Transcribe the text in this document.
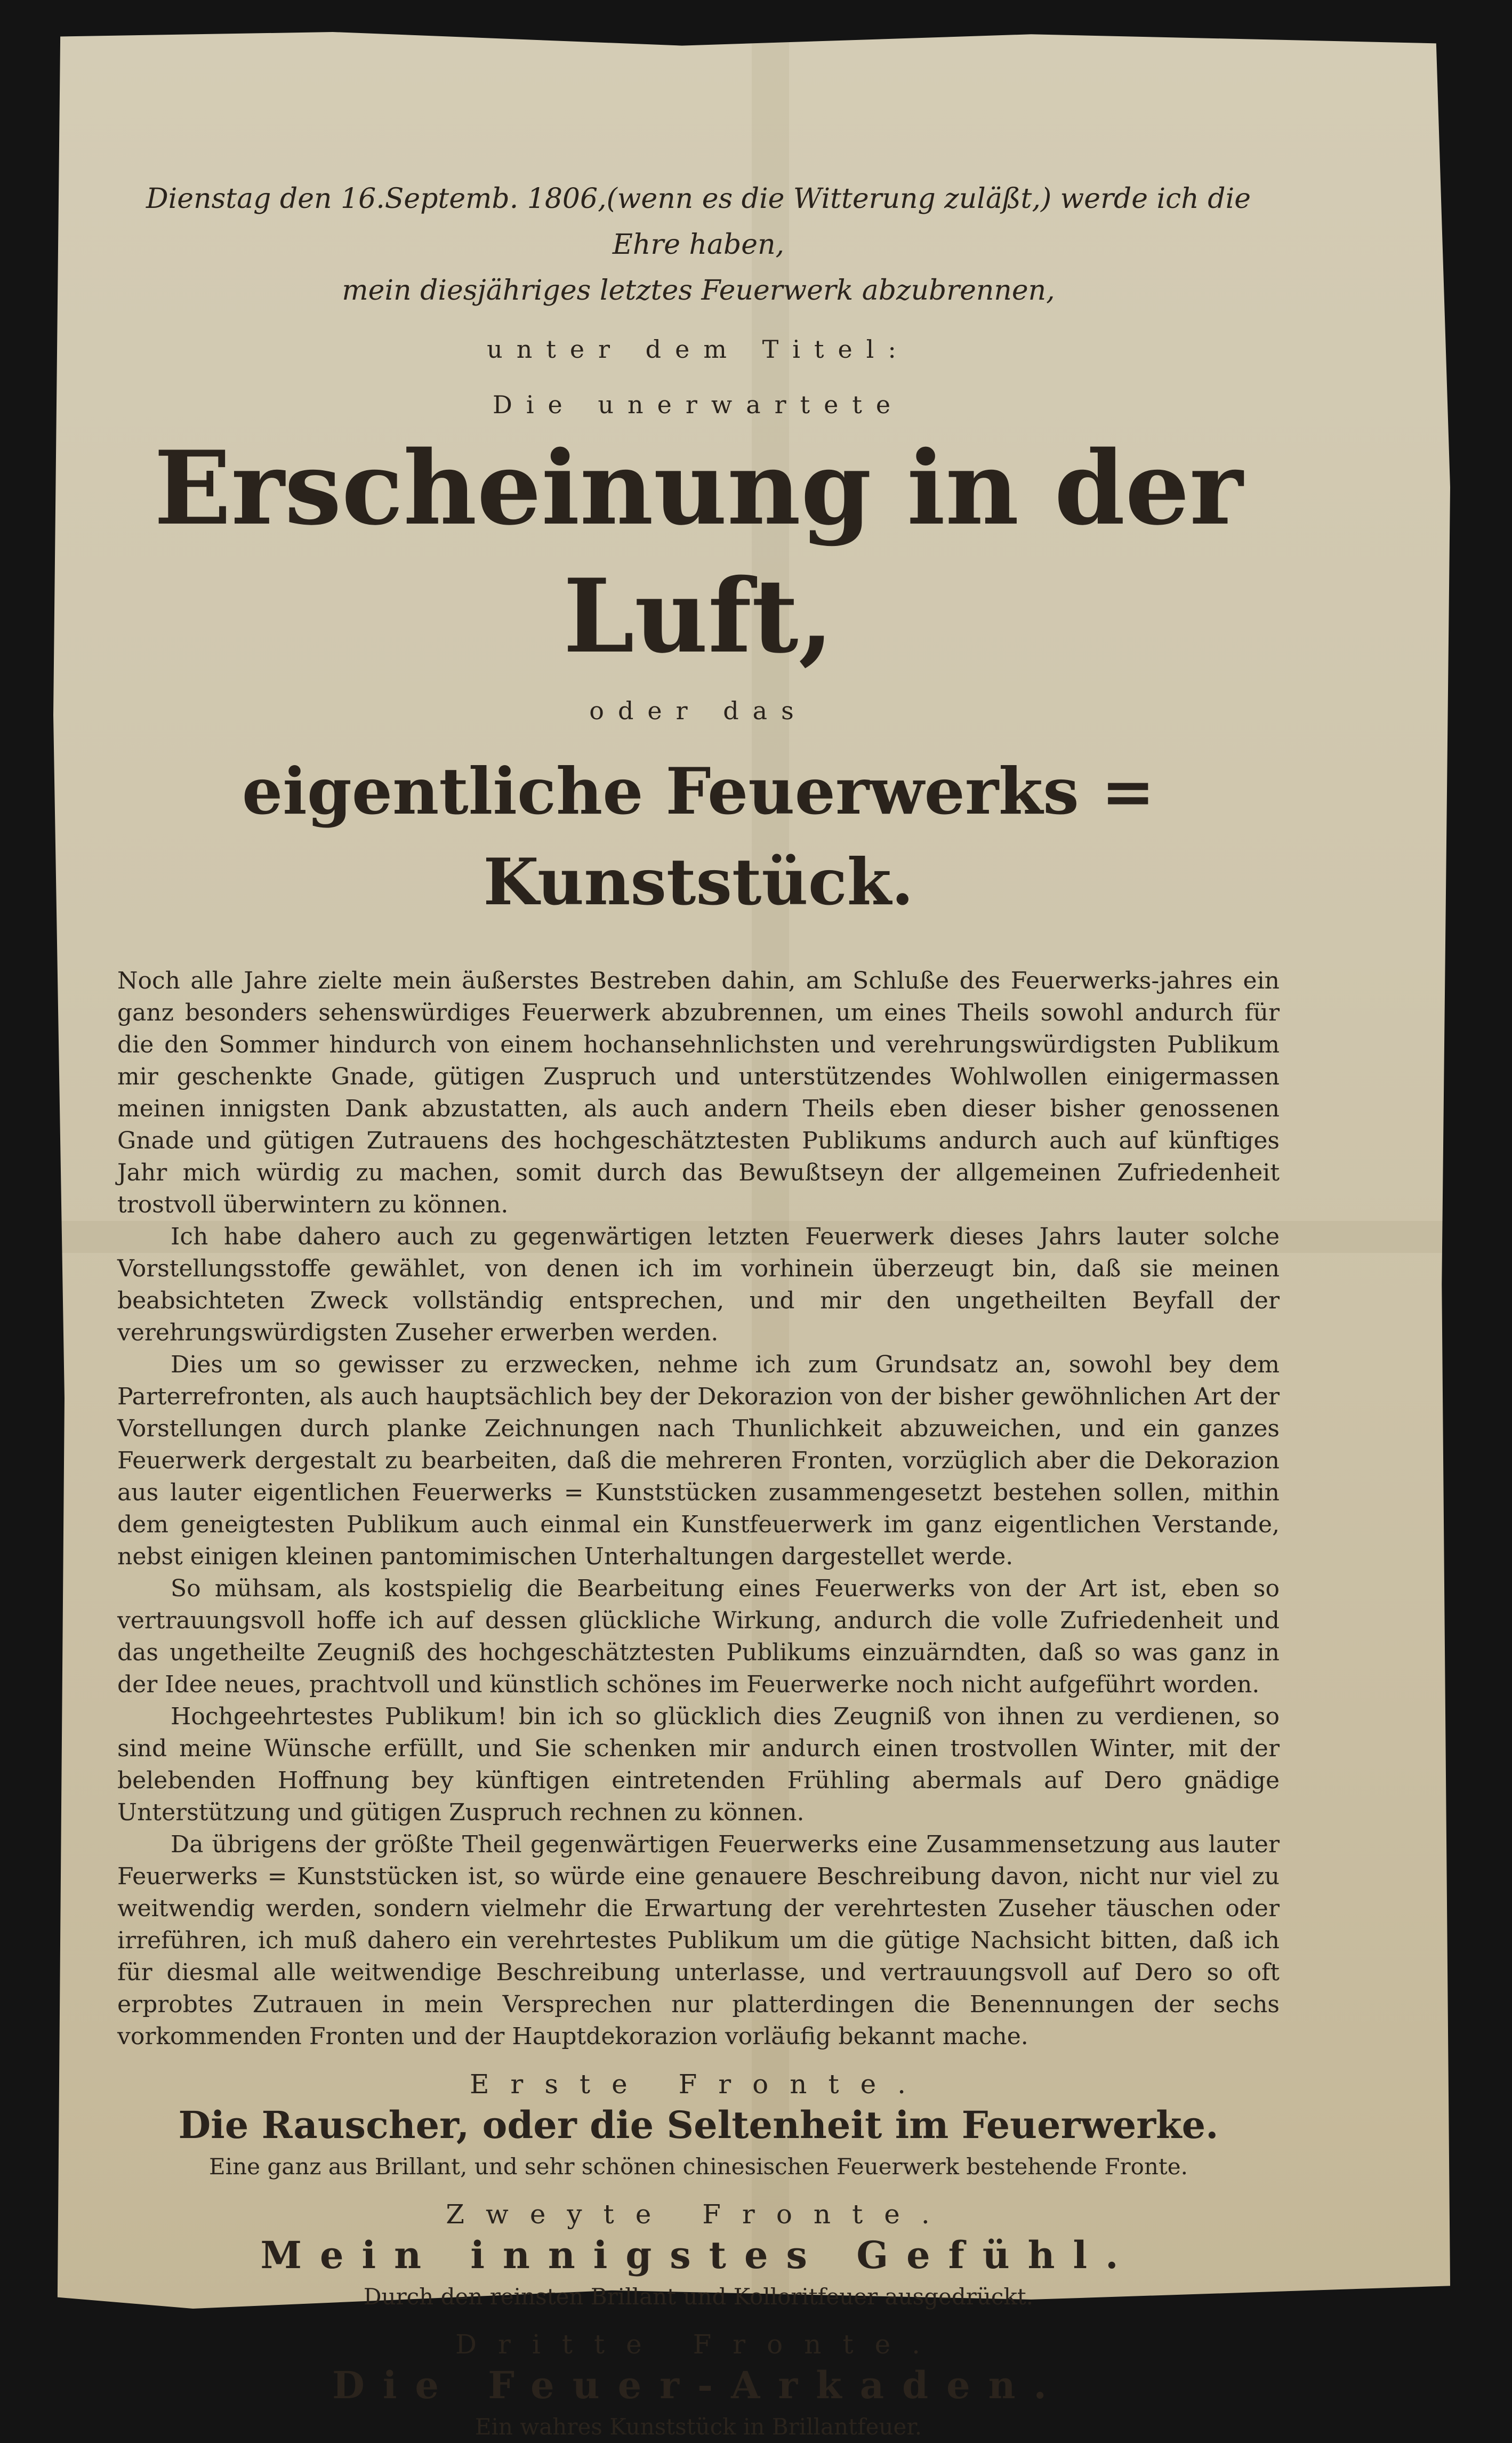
Dienstag den 16.Septemb. 1806,(wenn es die Witterung zuläßt,) werde ich die Ehre haben,
mein diesjähriges letztes Feuerwerk abzubrennen,
unter dem Titel:
Die unerwartete
Erscheinung in der Luft,
oder das
eigentliche Feuerwerks = Kunststück.

Noch alle Jahre zielte mein äußerstes Bestreben dahin, am Schluße des Feuerwerks-jahres ein ganz besonders sehenswürdiges Feuerwerk abzubrennen, um eines Theils sowohl andurch für die den Sommer hindurch von einem hochansehnlichsten und verehrungswürdigsten Publikum mir geschenkte Gnade, gütigen Zuspruch und unterstützendes Wohlwollen einigermassen meinen innigsten Dank abzustatten, als auch andern Theils eben dieser bisher genossenen Gnade und gütigen Zutrauens des hochgeschätztesten Publikums andurch auch auf künftiges Jahr mich würdig zu machen, somit durch das Bewußtseyn der allgemeinen Zufriedenheit trostvoll überwintern zu können.

Ich habe dahero auch zu gegenwärtigen letzten Feuerwerk dieses Jahrs lauter solche Vorstellungsstoffe gewählet, von denen ich im vorhinein überzeugt bin, daß sie meinen beabsichteten Zweck vollständig entsprechen, und mir den ungetheilten Beyfall der verehrungswürdigsten Zuseher erwerben werden.

Dies um so gewisser zu erzwecken, nehme ich zum Grundsatz an, sowohl bey dem Parterrefronten, als auch hauptsächlich bey der Dekorazion von der bisher gewöhnlichen Art der Vorstellungen durch planke Zeichnungen nach Thunlichkeit abzuweichen, und ein ganzes Feuerwerk dergestalt zu bearbeiten, daß die mehreren Fronten, vorzüglich aber die Dekorazion aus lauter eigentlichen Feuerwerks = Kunststücken zusammengesetzt bestehen sollen, mithin dem geneigtesten Publikum auch einmal ein Kunstfeuerwerk im ganz eigentlichen Verstande, nebst einigen kleinen pantomimischen Unterhaltungen dargestellet werde.

So mühsam, als kostspielig die Bearbeitung eines Feuerwerks von der Art ist, eben so vertrauungsvoll hoffe ich auf dessen glückliche Wirkung, andurch die volle Zufriedenheit und das ungetheilte Zeugniß des hochgeschätztesten Publikums einzuärndten, daß so was ganz in der Idee neues, prachtvoll und künstlich schönes im Feuerwerke noch nicht aufgeführt worden.

Hochgeehrtestes Publikum! bin ich so glücklich dies Zeugniß von ihnen zu verdienen, so sind meine Wünsche erfüllt, und Sie schenken mir andurch einen trostvollen Winter, mit der belebenden Hoffnung bey künftigen eintretenden Frühling abermals auf Dero gnädige Unterstützung und gütigen Zuspruch rechnen zu können.

Da übrigens der größte Theil gegenwärtigen Feuerwerks eine Zusammensetzung aus lauter Feuerwerks = Kunststücken ist, so würde eine genauere Beschreibung davon, nicht nur viel zu weitwendig werden, sondern vielmehr die Erwartung der verehrtesten Zuseher täuschen oder irreführen, ich muß dahero ein verehrtestes Publikum um die gütige Nachsicht bitten, daß ich für diesmal alle weitwendige Beschreibung unterlasse, und vertrauungsvoll auf Dero so oft erprobtes Zutrauen in mein Versprechen nur platterdingen die Benennungen der sechs vorkommenden Fronten und der Hauptdekorazion vorläufig bekannt mache.

Erste Fronte.
Die Rauscher, oder die Seltenheit im Feuerwerke.
Eine ganz aus Brillant, und sehr schönen chinesischen Feuerwerk bestehende Fronte.
Zweyte Fronte.
Mein innigstes Gefühl.
Durch den reinsten Brillant und Kolloritfeuer ausgedrückt.
Dritte Fronte.
Die Feuer-Arkaden.
Ein wahres Kunststück in Brillantfeuer.
